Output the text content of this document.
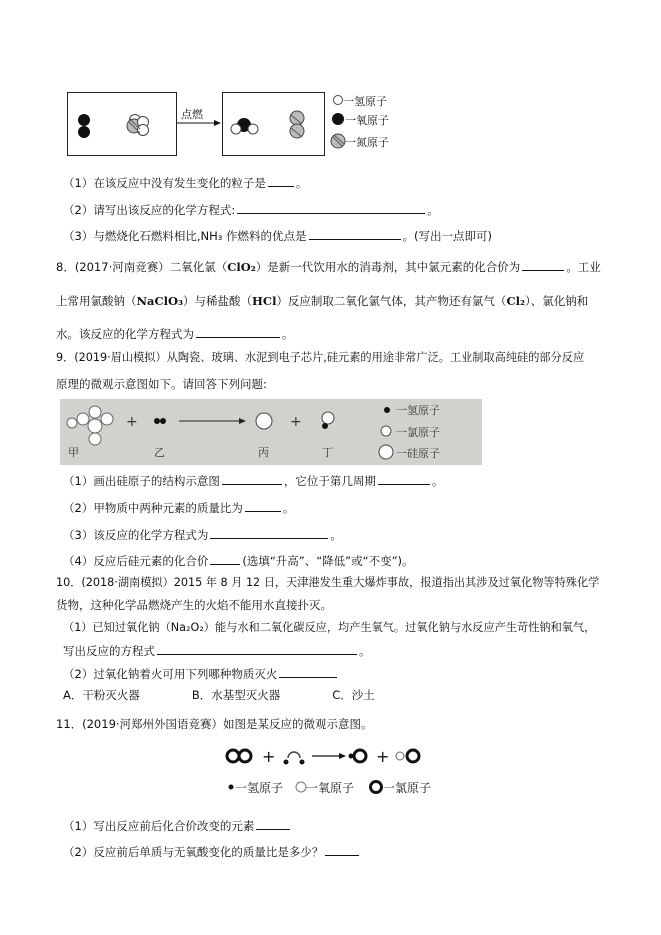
点燃
一氢原子
一氧原子
一氮原子
（1）在该反应中没有发生变化的粒子是	。
（2）请写出该反应的化学方程式:	。
（3）与燃烧化石燃料相比,NH₃ 作燃料的优点是	。(写出一点即可)
8．(2017·河南竞赛）二氧化氯（ClO₂）是新一代饮用水的消毒剂，其中氯元素的化合价为	。工业
上常用氯酸钠（NaClO₃）与稀盐酸（HCl）反应制取二氧化氯气体，其产物还有氯气（Cl₂）、氯化钠和
水。该反应的化学方程式为	。
9．(2019·眉山模拟）从陶瓷、玻璃、水泥到电子芯片,硅元素的用途非常广泛。工业制取高纯硅的部分反应
原理的微观示意图如下。请回答下列问题:
+	+
甲	乙	丙	丁
一氢原子
一氯原子
一硅原子
（1）画出硅原子的结构示意图	，它位于第几周期	。
（2）甲物质中两种元素的质量比为	。
（3）该反应的化学方程式为	。
（4）反应后硅元素的化合价	(选填“升高”、“降低”或“不变”)。
10．(2018·湖南模拟）2015 年 8 月 12 日，天津港发生重大爆炸事故，报道指出其涉及过氧化物等特殊化学
货物，这种化学品燃烧产生的火焰不能用水直接扑灭。
（1）已知过氧化钠（Na₂O₂）能与水和二氧化碳反应，均产生氧气。过氧化钠与水反应产生苛性钠和氧气，
写出反应的方程式	。
（2）过氧化钠着火可用下列哪种物质灭火
A．干粉灭火器	B．水基型灭火器	C．沙土
11．(2019·河郑州外国语竞赛）如图是某反应的微观示意图。
+	+
一氢原子 一氧原子 一氯原子
（1）写出反应前后化合价改变的元素
（2）反应前后单质与无氧酸变化的质量比是多少？
